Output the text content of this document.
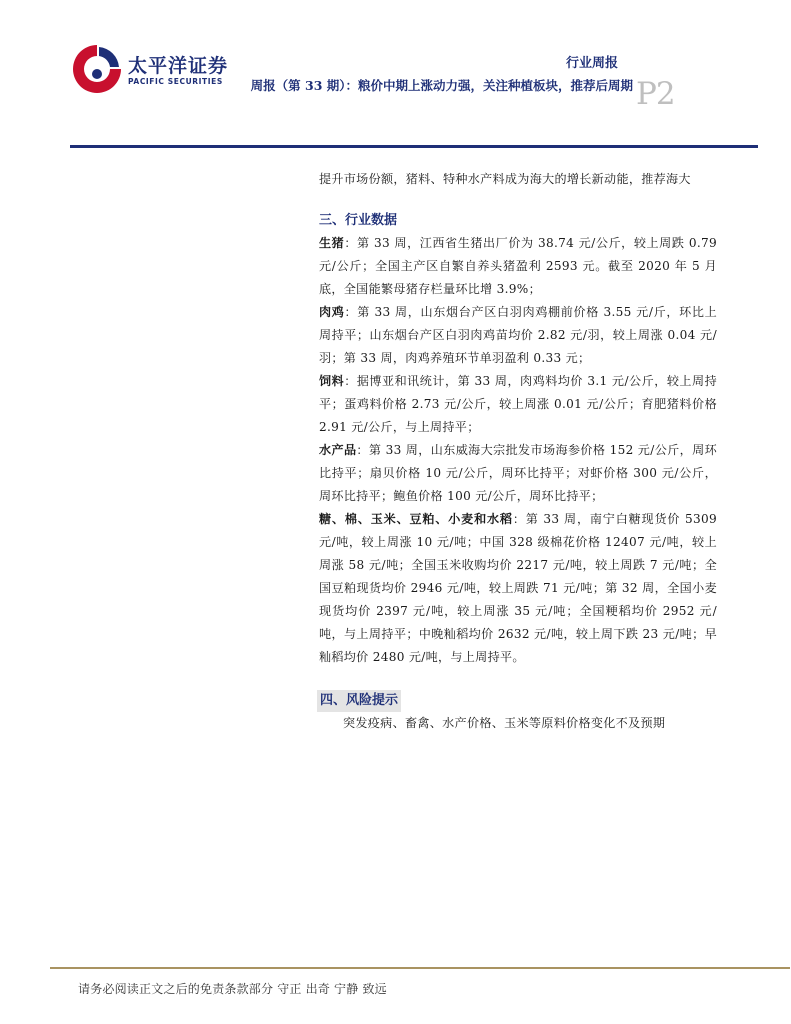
太平洋证券
PACIFIC SECURITIES
行业周报
周报（第 33 期）：粮价中期上涨动力强，关注种植板块，推荐后周期 P2
提升市场份额，猪料、特种水产料成为海大的增长新动能，推荐海大
三、行业数据
生猪：第 33 周，江西省生猪出厂价为 38.74 元/公斤，较上周跌 0.79 元/公斤；全国主产区自繁自养头猪盈利 2593 元。截至 2020 年 5 月底，全国能繁母猪存栏量环比增 3.9%；
肉鸡：第 33 周，山东烟台产区白羽肉鸡棚前价格 3.55 元/斤，环比上周持平；山东烟台产区白羽肉鸡苗均价 2.82 元/羽，较上周涨 0.04 元/羽；第 33 周，肉鸡养殖环节单羽盈利 0.33 元；
饲料：据博亚和讯统计，第 33 周，肉鸡料均价 3.1 元/公斤，较上周持平；蛋鸡料价格 2.73 元/公斤，较上周涨 0.01 元/公斤；育肥猪料价格 2.91 元/公斤，与上周持平；
水产品：第 33 周，山东威海大宗批发市场海参价格 152 元/公斤，周环比持平；扇贝价格 10 元/公斤，周环比持平；对虾价格 300 元/公斤，周环比持平；鲍鱼价格 100 元/公斤，周环比持平；
糖、棉、玉米、豆粕、小麦和水稻：第 33 周，南宁白糖现货价 5309 元/吨，较上周涨 10 元/吨；中国 328 级棉花价格 12407 元/吨，较上周涨 58 元/吨；全国玉米收购均价 2217 元/吨，较上周跌 7 元/吨；全国豆粕现货均价 2946 元/吨，较上周跌 71 元/吨；第 32 周，全国小麦现货均价 2397 元/吨，较上周涨 35 元/吨；全国粳稻均价 2952 元/吨，与上周持平；中晚籼稻均价 2632 元/吨，较上周下跌 23 元/吨；早籼稻均价 2480 元/吨，与上周持平。
四、风险提示
突发疫病、畜禽、水产价格、玉米等原料价格变化不及预期
请务必阅读正文之后的免责条款部分 守正 出奇 宁静 致远
